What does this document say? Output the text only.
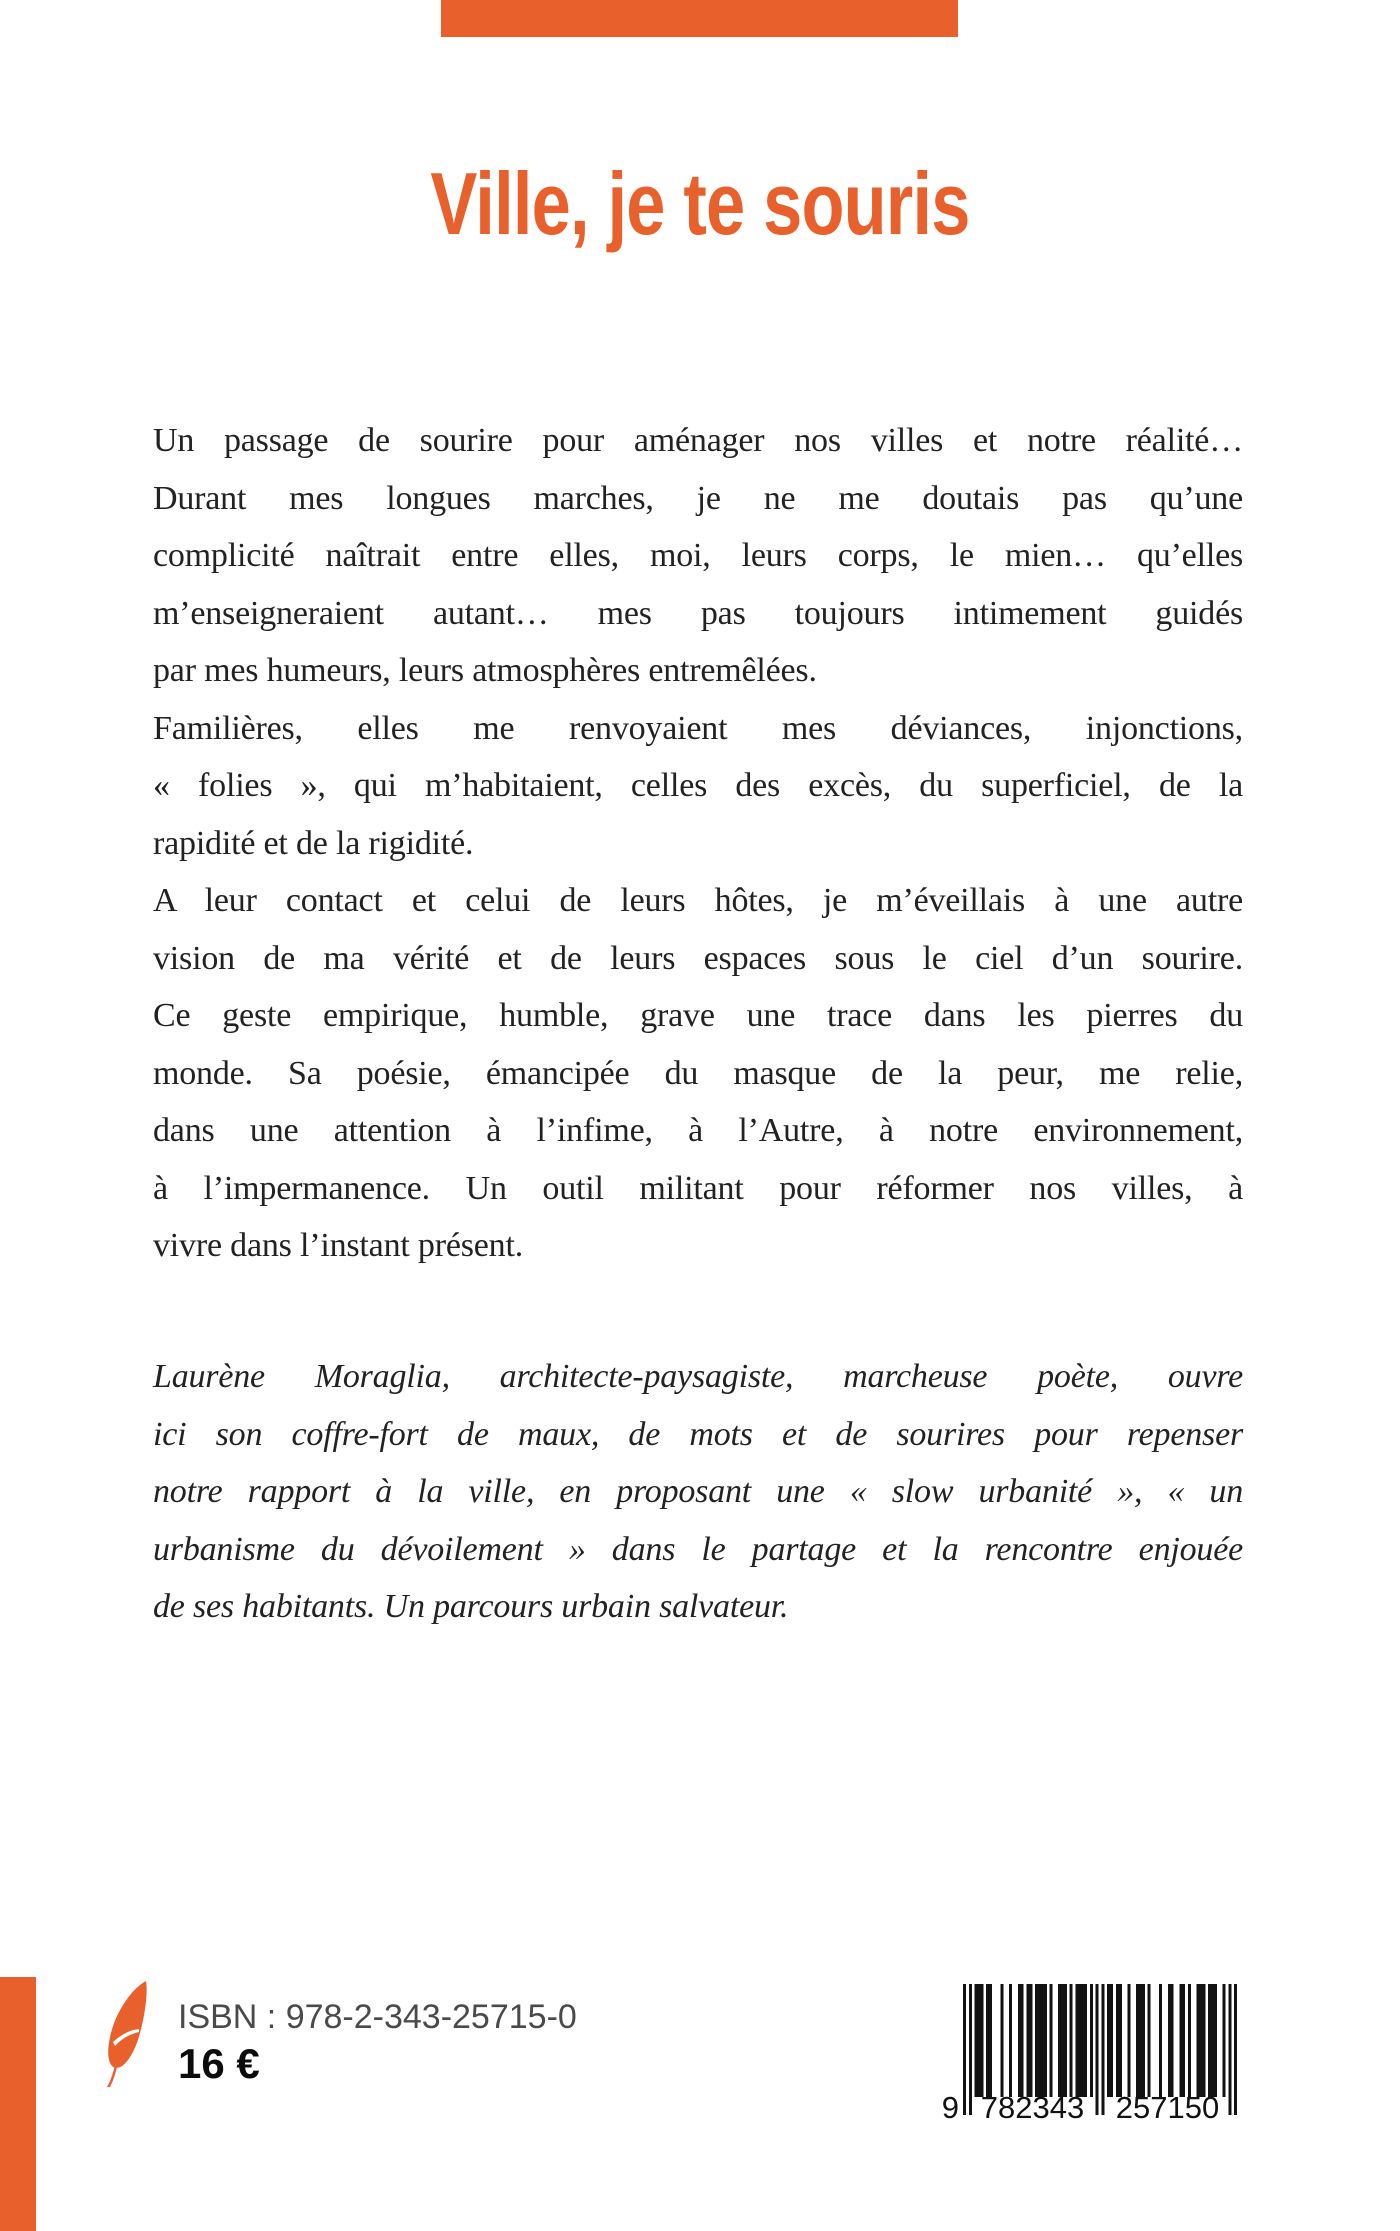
Ville, je te souris
Un passage de sourire pour aménager nos villes et notre réalité…
Durant mes longues marches, je ne me doutais pas qu’une
complicité naîtrait entre elles, moi, leurs corps, le mien… qu’elles
m’enseigneraient autant… mes pas toujours intimement guidés
par mes humeurs, leurs atmosphères entremêlées.
Familières, elles me renvoyaient mes déviances, injonctions,
« folies », qui m’habitaient, celles des excès, du superficiel, de la
rapidité et de la rigidité.
A leur contact et celui de leurs hôtes, je m’éveillais à une autre
vision de ma vérité et de leurs espaces sous le ciel d’un sourire.
Ce geste empirique, humble, grave une trace dans les pierres du
monde. Sa poésie, émancipée du masque de la peur, me relie,
dans une attention à l’infime, à l’Autre, à notre environnement,
à l’impermanence. Un outil militant pour réformer nos villes, à
vivre dans l’instant présent.
Laurène Moraglia, architecte-paysagiste, marcheuse poète, ouvre
ici son coffre-fort de maux, de mots et de sourires pour repenser
notre rapport à la ville, en proposant une « slow urbanité », « un
urbanisme du dévoilement » dans le partage et la rencontre enjouée
de ses habitants. Un parcours urbain salvateur.
ISBN : 978-2-343-25715-0
16 €
9 782343 257150
